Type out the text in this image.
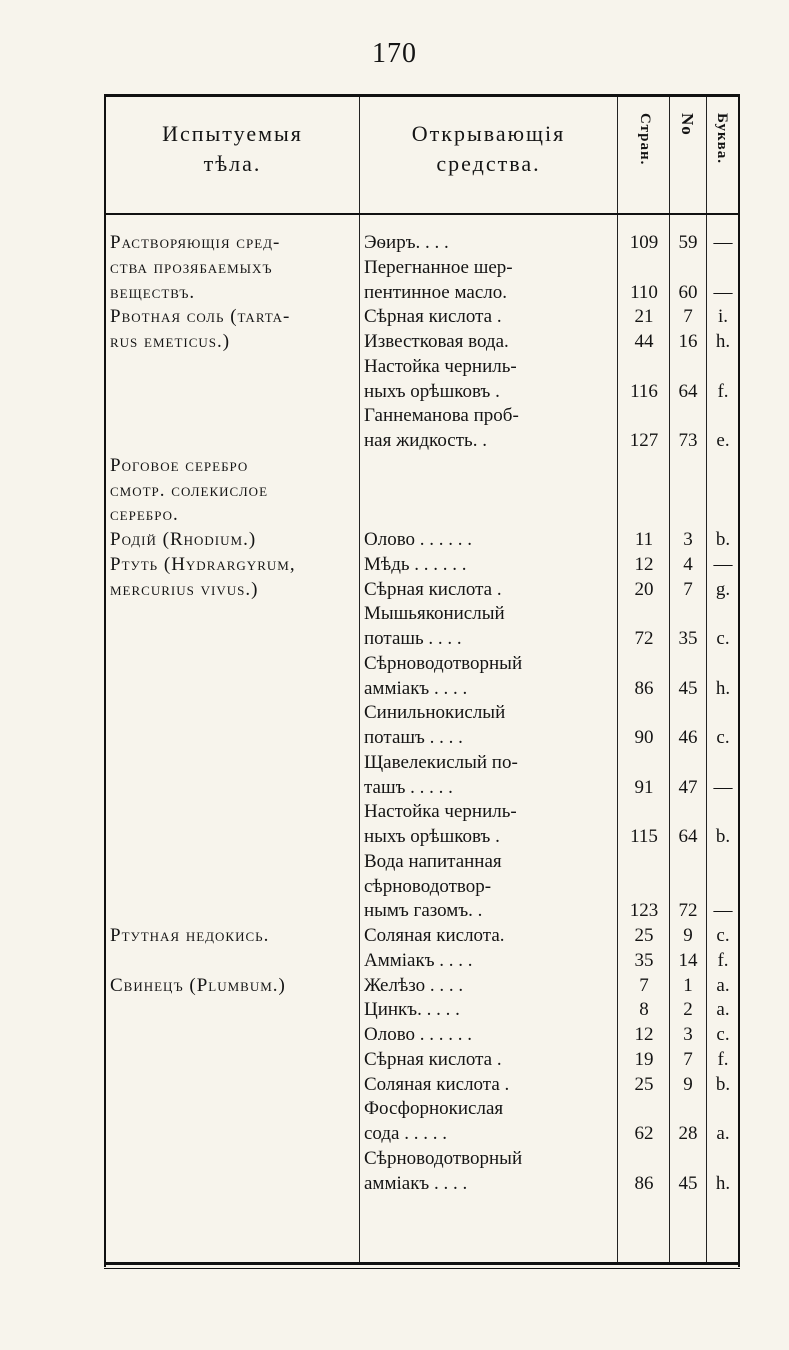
170
Испытуемыя
тѣла.
Открывающія
средства.	Стран. No Буква.
Растворяющія сред-	Эѳиръ. . . .	109	59 —
ства прозябаемыхъ	Перегнанное шер-
веществъ.	пентинное масло.	110	60 —
Рвотная соль (tarta-	Сѣрная кислота .	21	7	i.
rus emeticus.)	Известковая вода.	44	16 h.
Настойка черниль-
ныхъ орѣшковъ .	116	64	f.
Ганнеманова проб-
ная жидкость. .	127	73 e.
Роговое серебро
смотр. солекислое
серебро.
Родій (Rhodium.)	Олово . . . . . .	11	3	b.
Ртуть (Hydrargyrum,	Мѣдь . . . . . .	12	4	—
mercurius vivus.)	Сѣрная кислота .	20	7	g.
Мышьяконислый
поташь . . . .	72	35 c.
Сѣрноводотворный
амміакъ . . . .	86	45 h.
Синильнокислый
поташъ . . . .	90	46 c.
Щавелекислый по-
ташъ . . . . .	91	47 —
Настойка черниль-
ныхъ орѣшковъ .	115	64 b.
Вода напитанная
сѣрноводотвор-
нымъ газомъ. .	123	72 —
Ртутная недокись.	Соляная кислота.	25	9	c.
Амміакъ . . . .	35	14	f.
Свинецъ (Plumbum.)	Желѣзо . . . .	7	1	a.
Цинкъ. . . . .	8	2	a.
Олово . . . . . .	12	3	c.
Сѣрная кислота .	19	7	f.
Соляная кислота .	25	9	b.
Фосфорнокислая
сода . . . . .	62	28 a.
Сѣрноводотворный
амміакъ . . . .	86	45 h.
